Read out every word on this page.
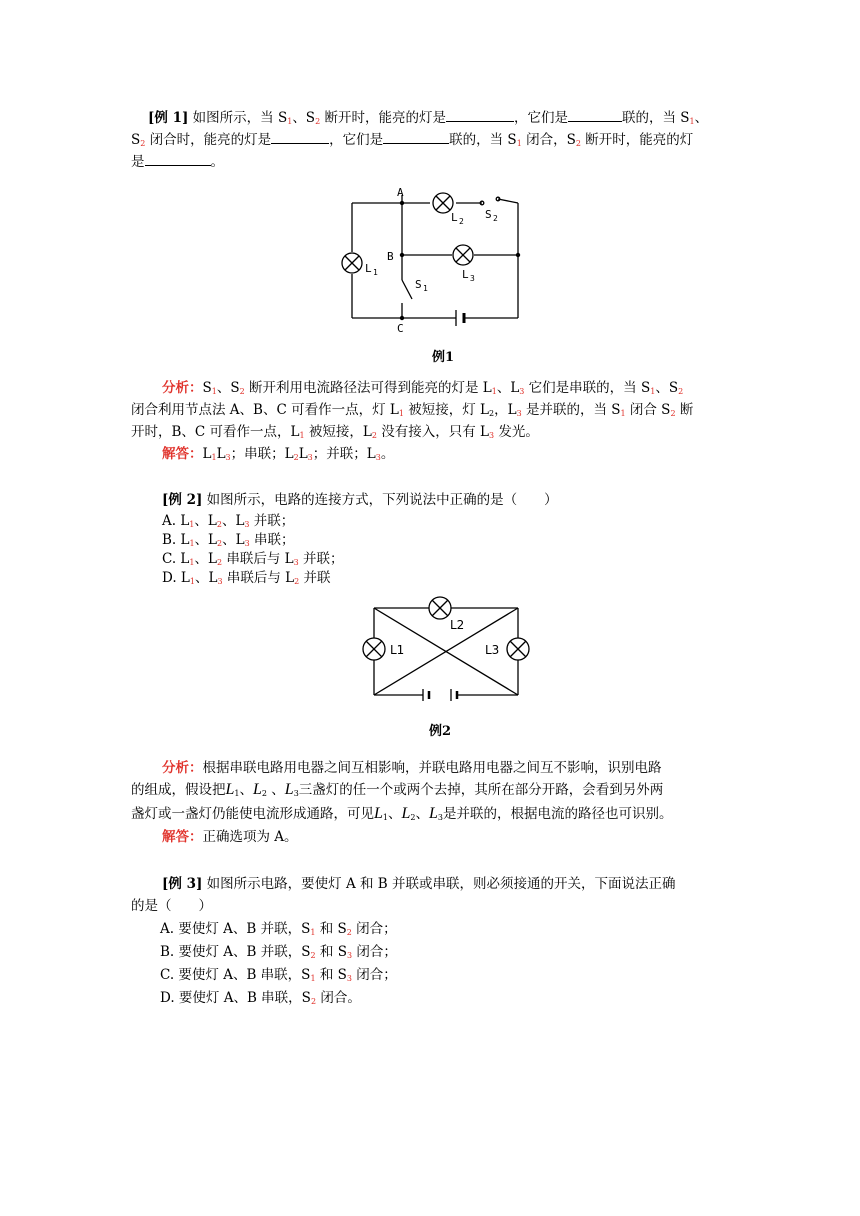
[例 1] 如图所示，当 $S_1$、$S_2$ 断开时，能亮的灯是	，它们是	联的，当 $S_1$、
$S_2$ 闭合时，能亮的灯是	，它们是	联的，当 $S_1$ 闭合，$S_2$ 断开时，能亮的灯
是	。
A
B
C
L 2
S 2
L 1	L 3
S 1
例1
分析：$S_1$、$S_2$ 断开利用电流路径法可得到能亮的灯是 $L_1$、$L_3$ 它们是串联的，当 $S_1$、$S_2$
闭合利用节点法 A、B、C 可看作一点，灯 $L_1$ 被短接，灯 $L_2$，$L_3$ 是并联的，当 $S_1$ 闭合 $S_2$ 断
开时，B、C 可看作一点，$L_1$ 被短接，$L_2$ 没有接入，只有 $L_3$ 发光。
解答：$L_1L_3$；串联；$L_2L_3$；并联；$L_3$。
[例 2] 如图所示，电路的连接方式，下列说法中正确的是（　　）
A. $L_1$、$L_2$、$L_3$ 并联；
B. $L_1$、$L_2$、$L_3$ 串联；
C. $L_1$、$L_2$ 串联后与 $L_3$ 并联；
D. $L_1$、$L_3$ 串联后与 $L_2$ 并联
L1
L2
L3
例2
分析：根据串联电路用电器之间互相影响，并联电路用电器之间互不影响，识别电路
的组成，假设把$L_1$、$L_2$ 、$L_3$三盏灯的任一个或两个去掉，其所在部分开路，会看到另外两
盏灯或一盏灯仍能使电流形成通路，可见$L_1$、$L_2$、$L_3$是并联的，根据电流的路径也可识别。
解答：正确选项为 A。
[例 3] 如图所示电路，要使灯 A 和 B 并联或串联，则必须接通的开关，下面说法正确
的是（　　）
A. 要使灯 A、B 并联，$S_1$ 和 $S_2$ 闭合；
B. 要使灯 A、B 并联，$S_2$ 和 $S_3$ 闭合；
C. 要使灯 A、B 串联，$S_1$ 和 $S_3$ 闭合；
D. 要使灯 A、B 串联，$S_2$ 闭合。
